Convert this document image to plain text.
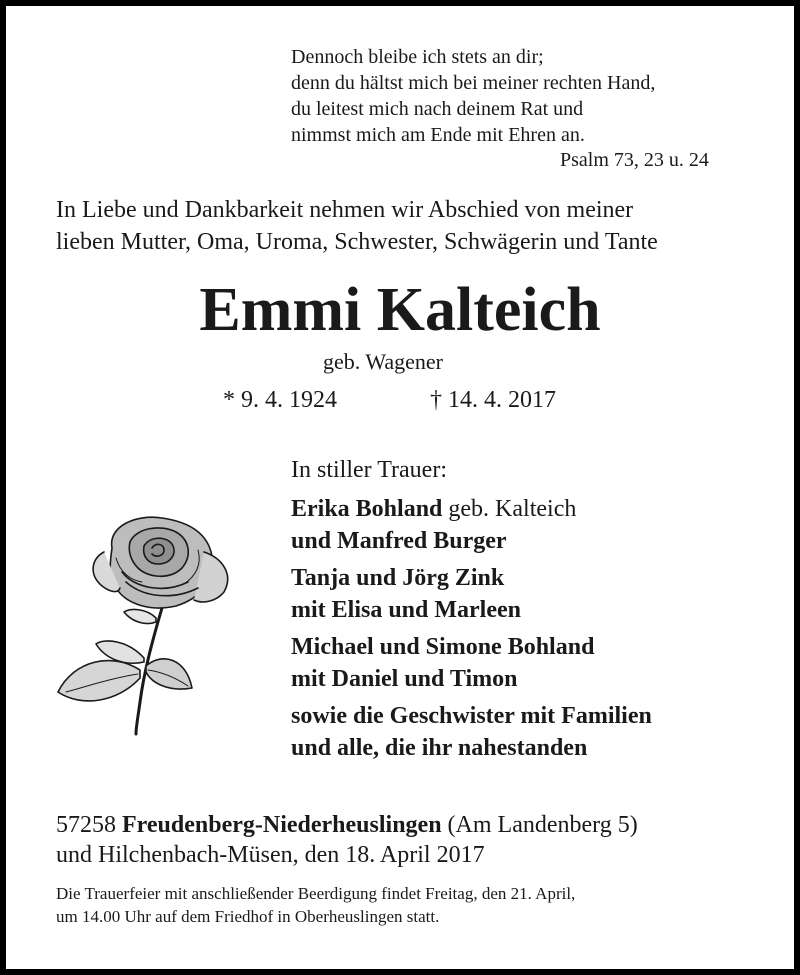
Dennoch bleibe ich stets an dir;
denn du hältst mich bei meiner rechten Hand,
du leitest mich nach deinem Rat und
nimmst mich am Ende mit Ehren an.
Psalm 73, 23 u. 24
In Liebe und Dankbarkeit nehmen wir Abschied von meiner
lieben Mutter, Oma, Uroma, Schwester, Schwägerin und Tante
Emmi Kalteich
geb. Wagener
* 9. 4. 1924	† 14. 4. 2017
In stiller Trauer:
Erika Bohland geb. Kalteich
und Manfred Burger
Tanja und Jörg Zink
mit Elisa und Marleen
Michael und Simone Bohland
mit Daniel und Timon
sowie die Geschwister mit Familien
und alle, die ihr nahestanden
57258 Freudenberg-Niederheuslingen (Am Landenberg 5)
und Hilchenbach-Müsen, den 18. April 2017
Die Trauerfeier mit anschließender Beerdigung findet Freitag, den 21. April,
um 14.00 Uhr auf dem Friedhof in Oberheuslingen statt.
